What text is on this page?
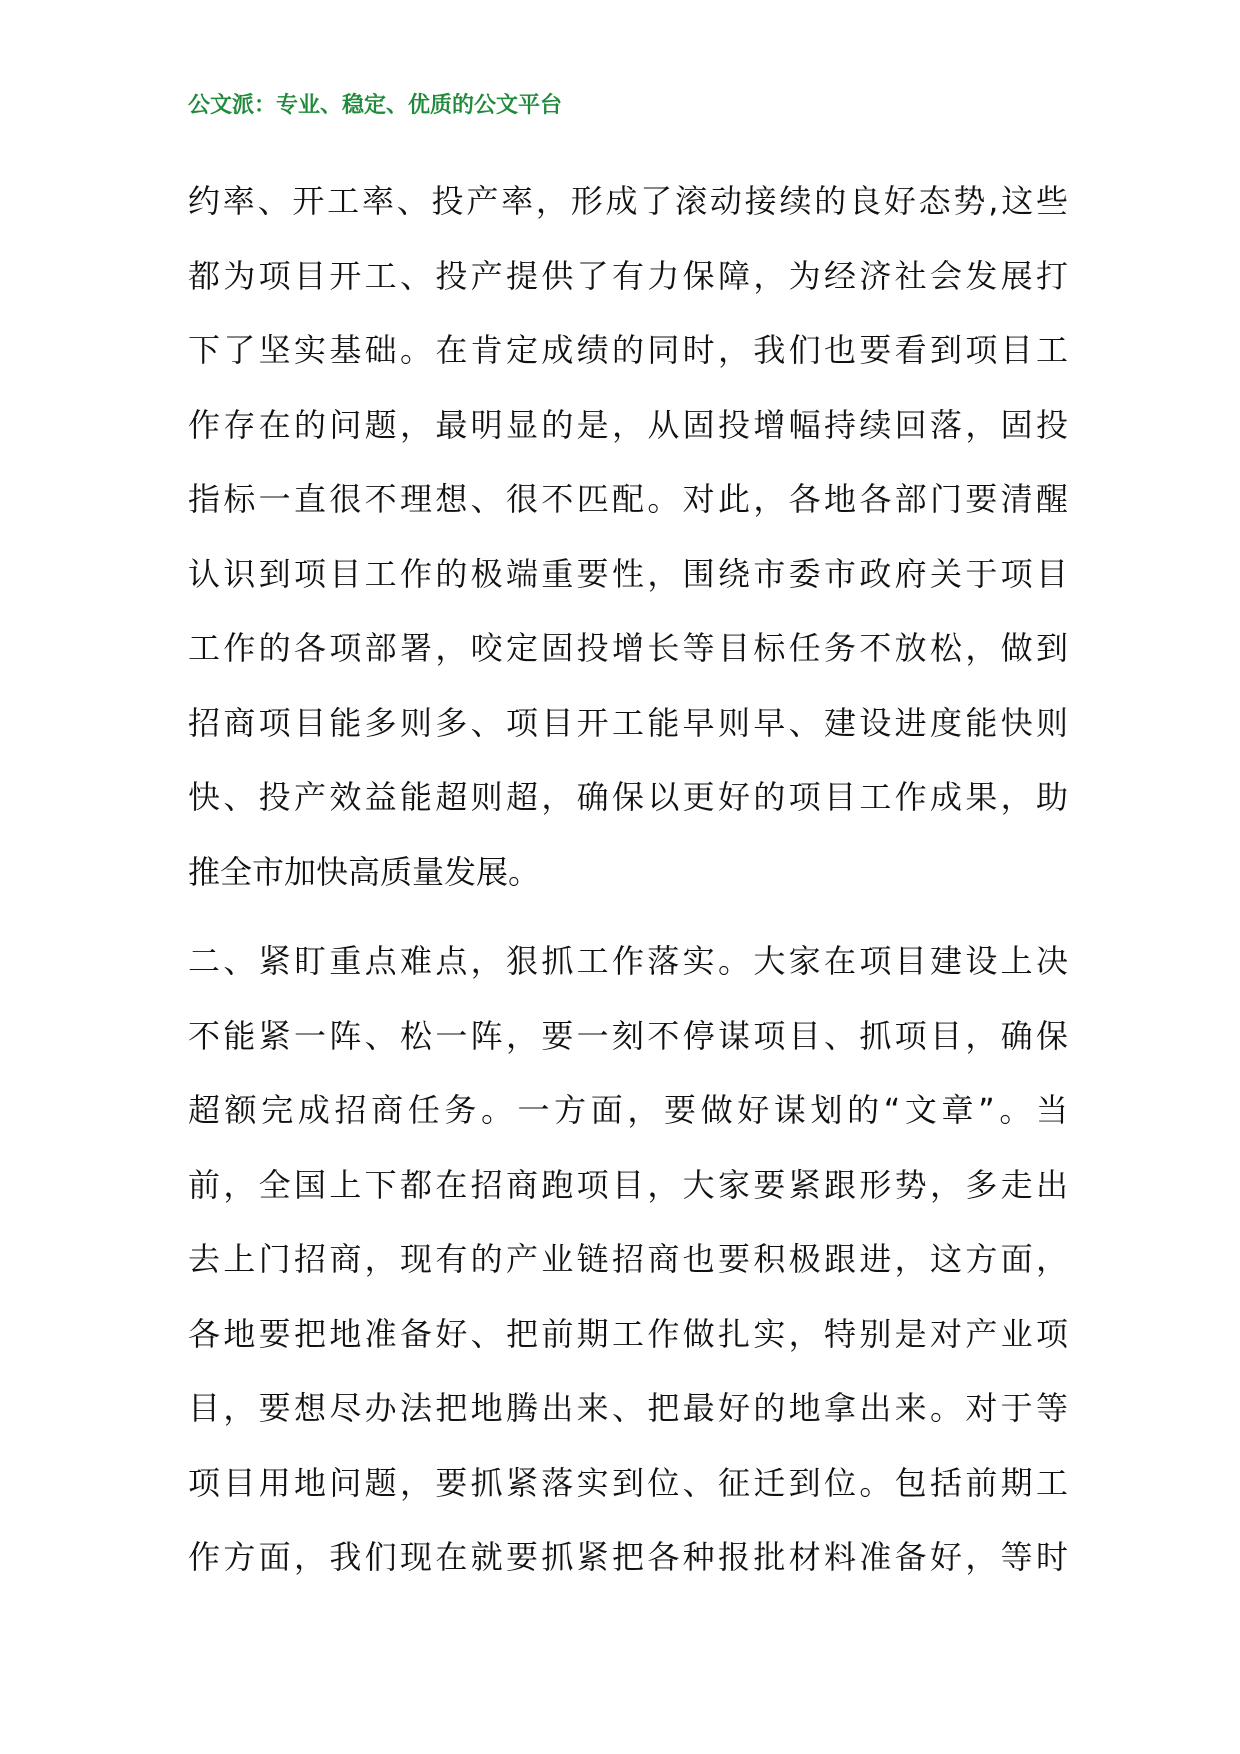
公文派：专业、稳定、优质的公文平台

约率、开工率、投产率，形成了滚动接续的良好态势,这些
都为项目开工、投产提供了有力保障，为经济社会发展打
下了坚实基础。在肯定成绩的同时，我们也要看到项目工
作存在的问题，最明显的是，从固投增幅持续回落，固投
指标一直很不理想、很不匹配。对此，各地各部门要清醒
认识到项目工作的极端重要性，围绕市委市政府关于项目
工作的各项部署，咬定固投增长等目标任务不放松，做到
招商项目能多则多、项目开工能早则早、建设进度能快则
快、投产效益能超则超，确保以更好的项目工作成果，助
推全市加快高质量发展。

二、紧盯重点难点，狠抓工作落实。大家在项目建设上决
不能紧一阵、松一阵，要一刻不停谋项目、抓项目，确保
超额完成招商任务。一方面，要做好谋划的“文章”。当
前，全国上下都在招商跑项目，大家要紧跟形势，多走出
去上门招商，现有的产业链招商也要积极跟进，这方面，
各地要把地准备好、把前期工作做扎实，特别是对产业项
目，要想尽办法把地腾出来、把最好的地拿出来。对于等
项目用地问题，要抓紧落实到位、征迁到位。包括前期工
作方面，我们现在就要抓紧把各种报批材料准备好，等时
